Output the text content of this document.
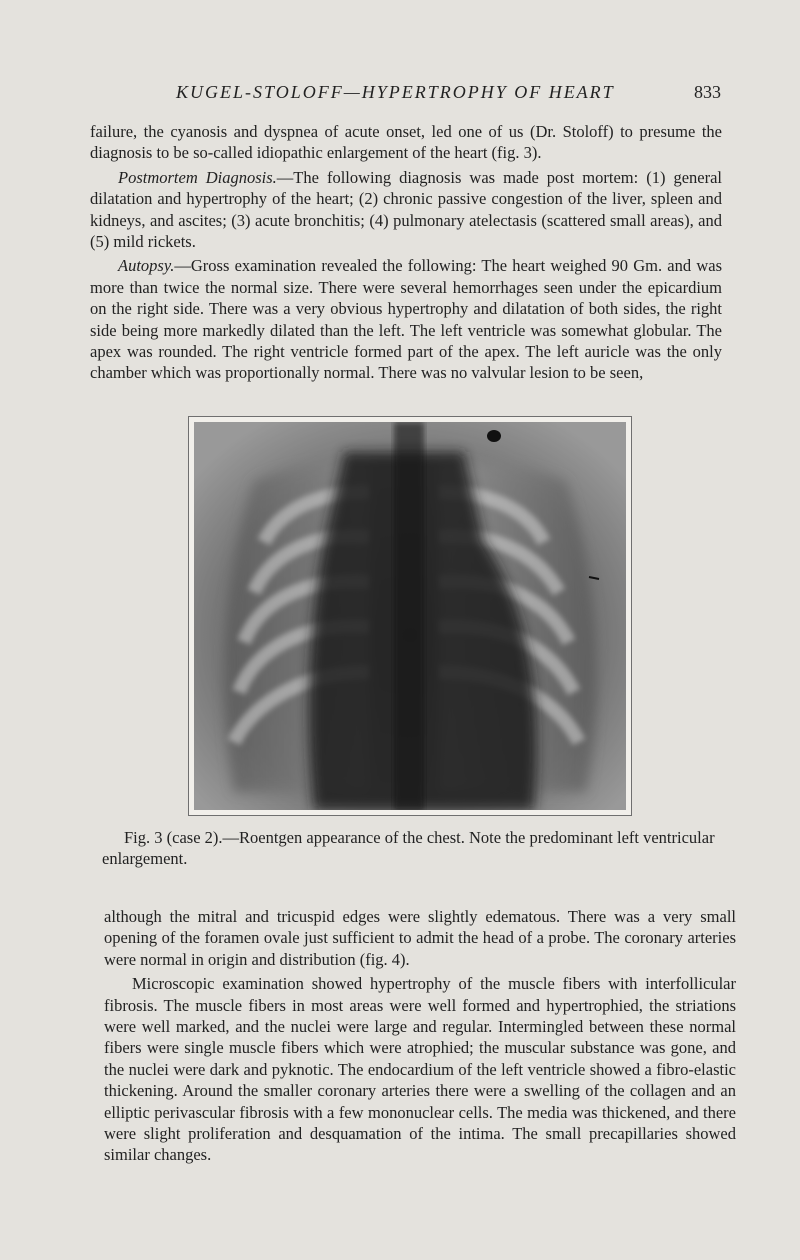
KUGEL-STOLOFF—HYPERTROPHY OF HEART	833

failure, the cyanosis and dyspnea of acute onset, led one of us (Dr. Stoloff) to presume the diagnosis to be so-called idiopathic enlargement of the heart (fig. 3).

Postmortem Diagnosis.—The following diagnosis was made post mortem: (1) general dilatation and hypertrophy of the heart; (2) chronic passive congestion of the liver, spleen and kidneys, and ascites; (3) acute bronchitis; (4) pulmonary atelectasis (scattered small areas), and (5) mild rickets.

Autopsy.—Gross examination revealed the following: The heart weighed 90 Gm. and was more than twice the normal size. There were several hemorrhages seen under the epicardium on the right side. There was a very obvious hypertrophy and dilatation of both sides, the right side being more markedly dilated than the left. The left ventricle was somewhat globular. The apex was rounded. The right ventricle formed part of the apex. The left auricle was the only chamber which was proportionally normal. There was no valvular lesion to be seen,

Fig. 3 (case 2).—Roentgen appearance of the chest. Note the predominant left ventricular enlargement.

although the mitral and tricuspid edges were slightly edematous. There was a very small opening of the foramen ovale just sufficient to admit the head of a probe. The coronary arteries were normal in origin and distribution (fig. 4).

Microscopic examination showed hypertrophy of the muscle fibers with interfollicular fibrosis. The muscle fibers in most areas were well formed and hypertrophied, the striations were well marked, and the nuclei were large and regular. Intermingled between these normal fibers were single muscle fibers which were atrophied; the muscular substance was gone, and the nuclei were dark and pyknotic. The endocardium of the left ventricle showed a fibro-elastic thickening. Around the smaller coronary arteries there were a swelling of the collagen and an elliptic perivascular fibrosis with a few mononuclear cells. The media was thickened, and there were slight proliferation and desquamation of the intima. The small precapillaries showed similar changes.
